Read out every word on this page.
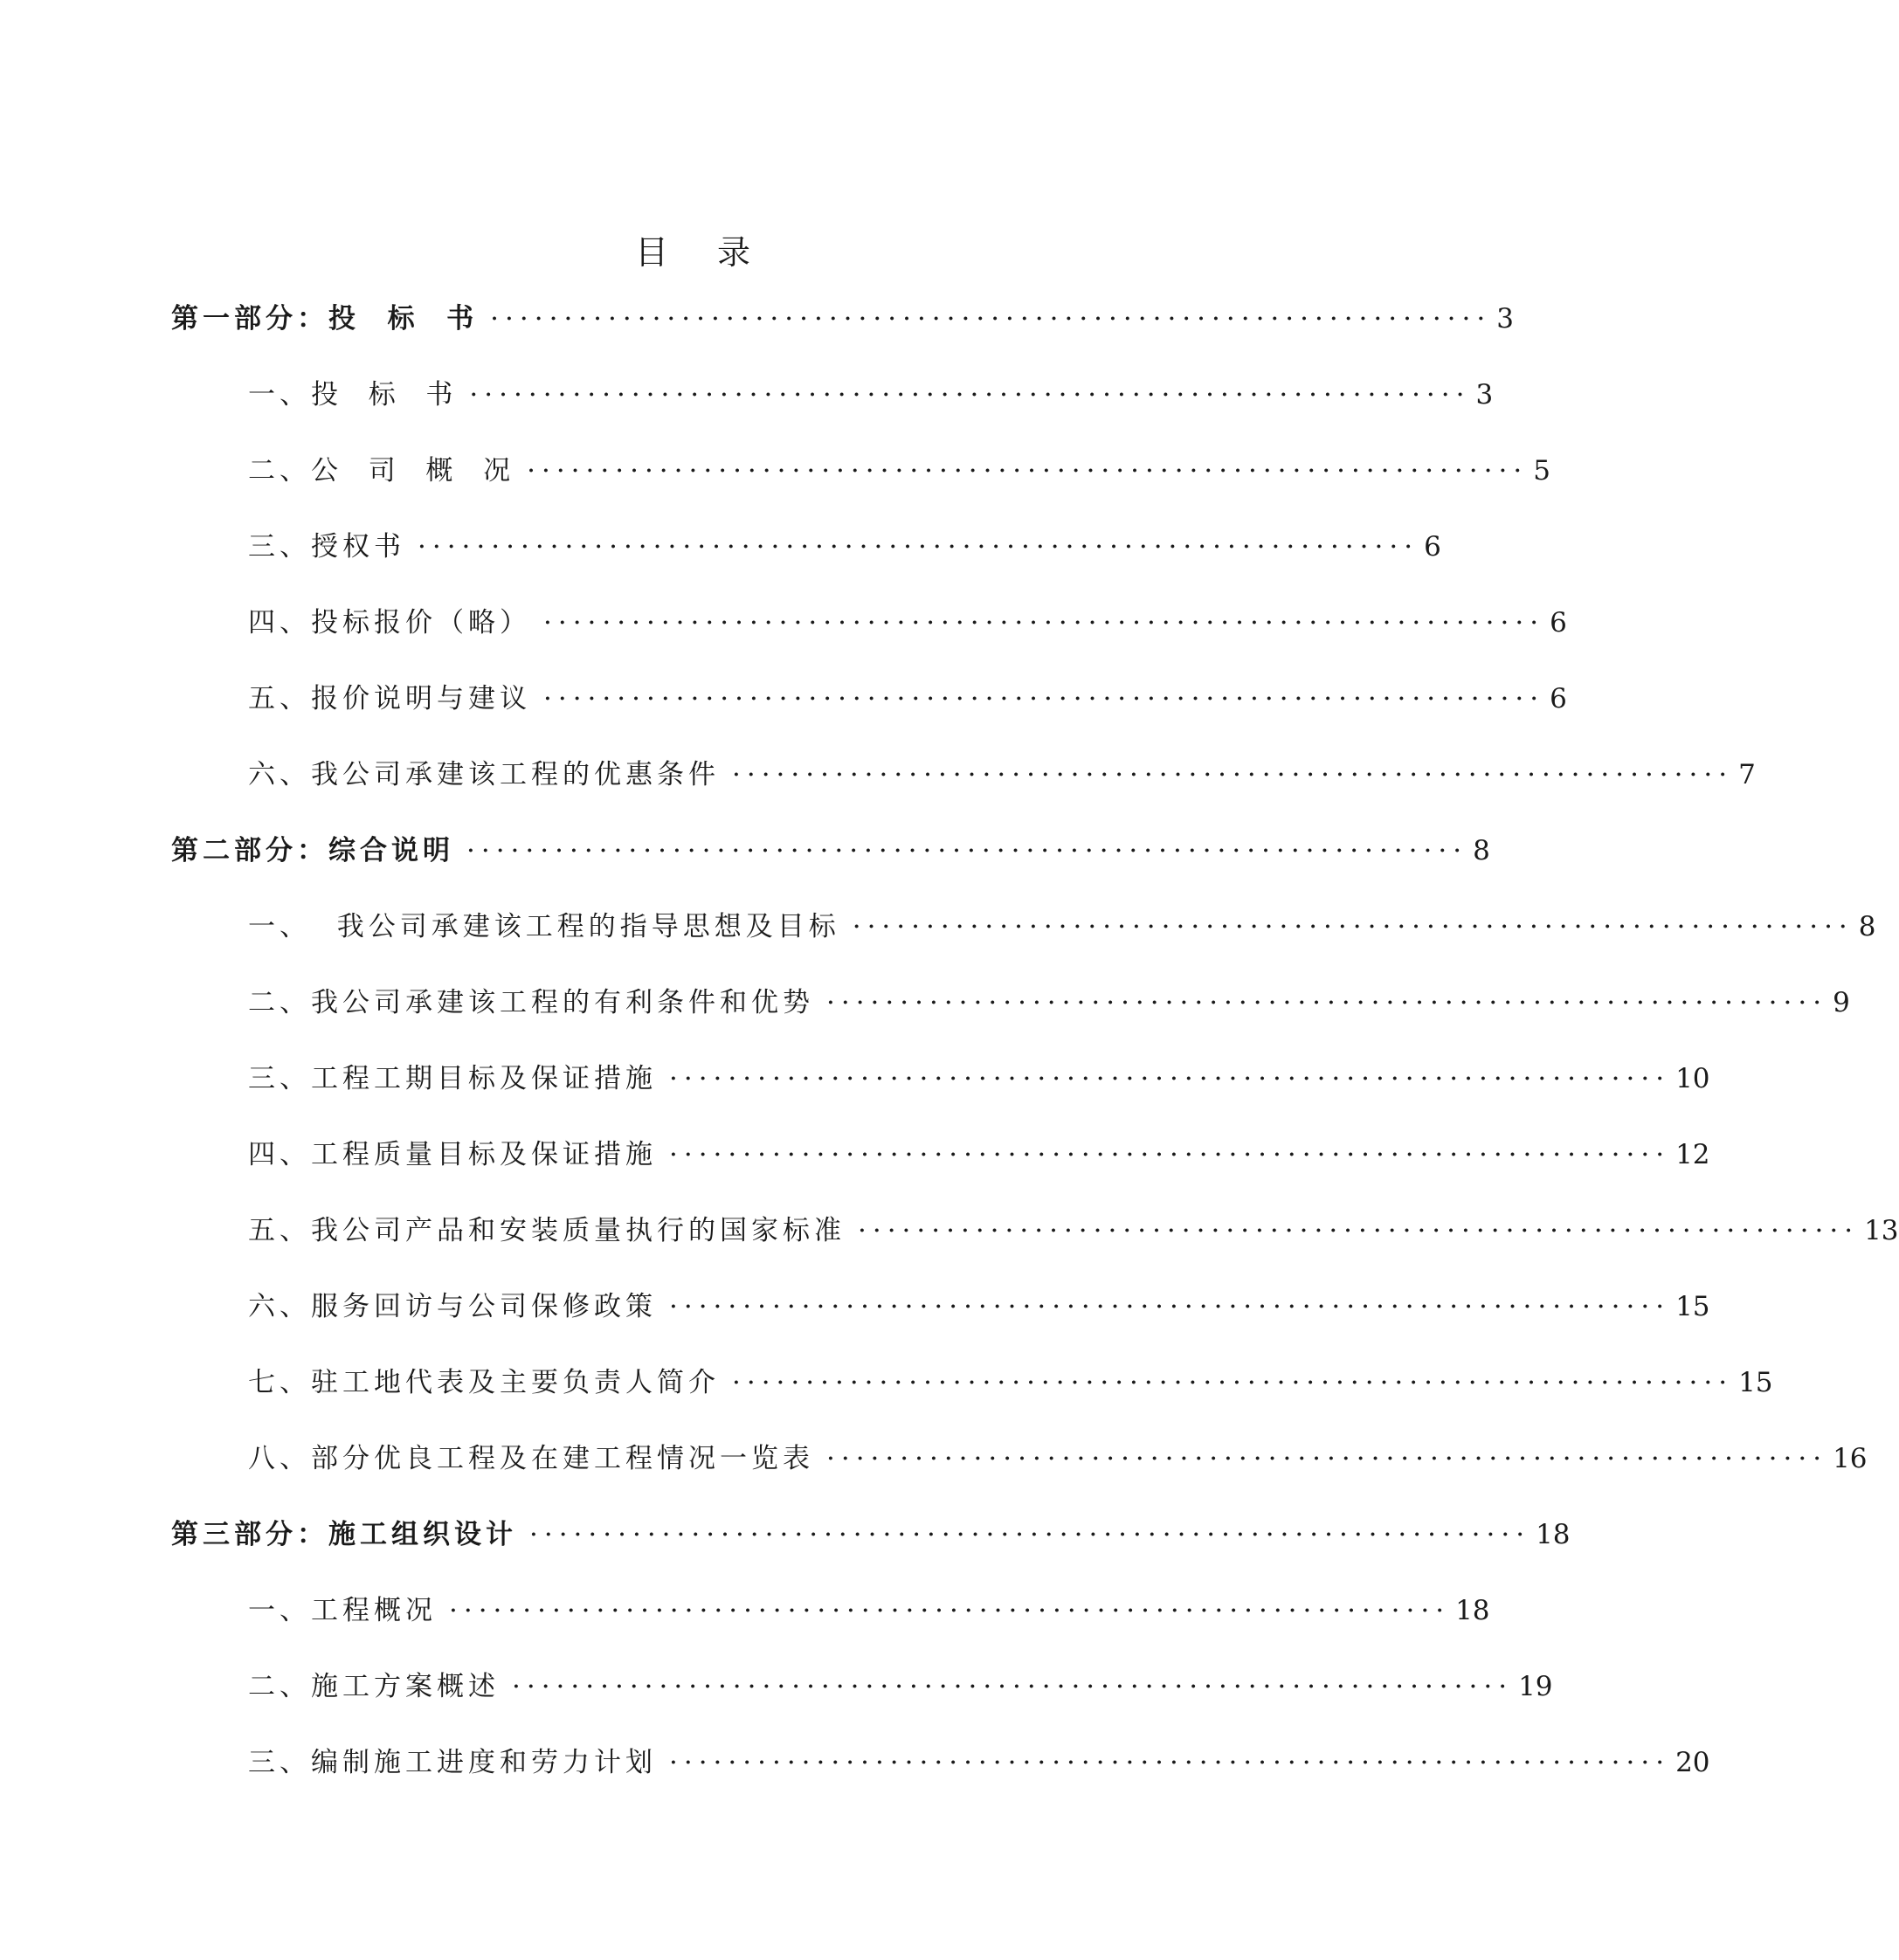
目 录
第一部分：投  标  书 ···································································· 3
一、投  标  书 ···································································· 3
二、公  司  概  况 ···································································· 5
三、授权书 ···································································· 6
四、投标报价（略） ···································································· 6
五、报价说明与建议 ···································································· 6
六、我公司承建该工程的优惠条件 ···································································· 7
第二部分：综合说明 ···································································· 8
一、  我公司承建该工程的指导思想及目标 ···································································· 8
二、我公司承建该工程的有利条件和优势 ···································································· 9
三、工程工期目标及保证措施 ···································································· 10
四、工程质量目标及保证措施 ···································································· 12
五、我公司产品和安装质量执行的国家标准 ···································································· 13
六、服务回访与公司保修政策 ···································································· 15
七、驻工地代表及主要负责人简介 ···································································· 15
八、部分优良工程及在建工程情况一览表 ···································································· 16
第三部分：施工组织设计 ···································································· 18
一、工程概况 ···································································· 18
二、施工方案概述 ···································································· 19
三、编制施工进度和劳力计划 ···································································· 20
